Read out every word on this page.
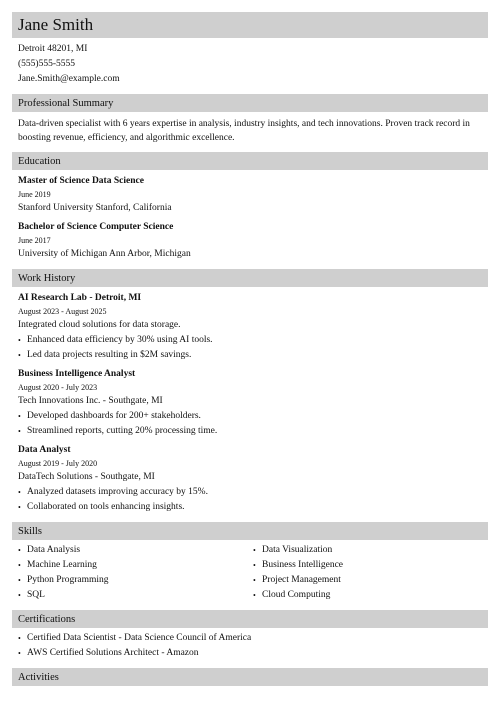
Jane Smith
Detroit 48201, MI
(555)555-5555
Jane.Smith@example.com
Professional Summary
Data-driven specialist with 6 years expertise in analysis, industry insights, and tech innovations. Proven track record in boosting revenue, efficiency, and algorithmic excellence.
Education
Master of Science Data Science
June 2019
Stanford University Stanford, California
Bachelor of Science Computer Science
June 2017
University of Michigan Ann Arbor, Michigan
Work History
AI Research Lab - Detroit, MI
August 2023 - August 2025
Integrated cloud solutions for data storage.
• Enhanced data efficiency by 30% using AI tools.
• Led data projects resulting in $2M savings.
Business Intelligence Analyst
August 2020 - July 2023
Tech Innovations Inc. - Southgate, MI
• Developed dashboards for 200+ stakeholders.
• Streamlined reports, cutting 20% processing time.
Data Analyst
August 2019 - July 2020
DataTech Solutions - Southgate, MI
• Analyzed datasets improving accuracy by 15%.
• Collaborated on tools enhancing insights.
Skills
• Data Analysis
• Machine Learning
• Python Programming
• SQL
• Data Visualization
• Business Intelligence
• Project Management
• Cloud Computing
Certifications
• Certified Data Scientist - Data Science Council of America
• AWS Certified Solutions Architect - Amazon
Activities
